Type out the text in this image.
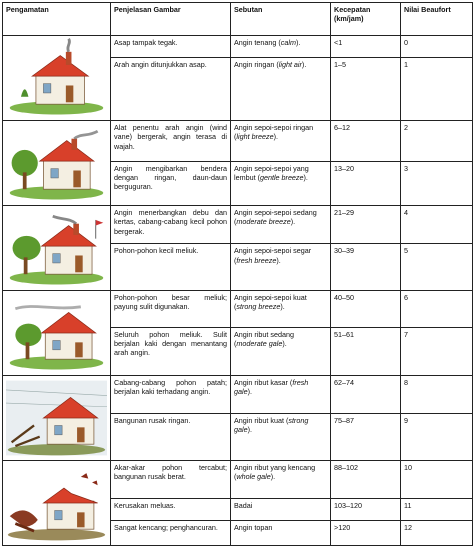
Pengamatan	Penjelasan Gambar	Sebutan	Kecepatan (km/jam)	Nilai Beaufort

	Asap tampak tegak.	Angin tenang (calm).	<1	0
	Arah angin ditunjukkan asap.	Angin ringan (light air).	1–5	1

	Alat penentu arah angin (wind vane) bergerak, angin terasa di wajah.	Angin sepoi-sepoi ringan (light breeze).	6–12	2
	Angin mengibarkan bendera dengan ringan, daun-daun berguguran.	Angin sepoi-sepoi yang lembut (gentle breeze).	13–20	3

	Angin menerbangkan debu dan kertas, cabang-cabang kecil pohon bergerak.	Angin sepoi-sepoi sedang (moderate breeze).	21–29	4
	Pohon-pohon kecil meliuk.	Angin sepoi-sepoi segar (fresh breeze).	30–39	5

	Pohon-pohon besar meliuk; payung sulit digunakan.	Angin sepoi-sepoi kuat (strong breeze).	40–50	6
	Seluruh pohon meliuk. Sulit berjalan kaki dengan menantang arah angin.	Angin ribut sedang (moderate gale).	51–61	7

	Cabang-cabang pohon patah; berjalan kaki terhadang angin.	Angin ribut kasar (fresh gale).	62–74	8
	Bangunan rusak ringan.	Angin ribut kuat (strong gale).	75–87	9

	Akar-akar pohon tercabut; bangunan rusak berat.	Angin ribut yang kencang (whole gale).	88–102	10
	Kerusakan meluas.	Badai	103–120	11
	Sangat kencang; penghancuran.	Angin topan	>120	12
